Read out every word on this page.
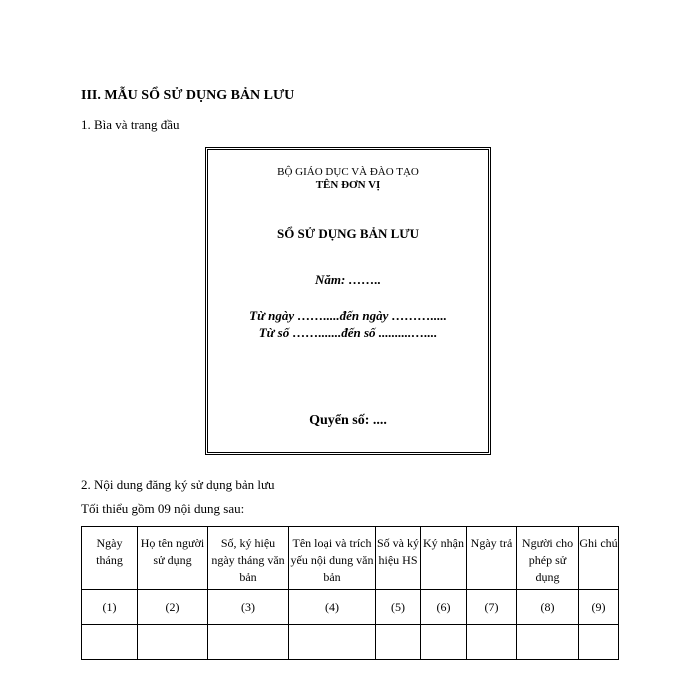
III. MẪU SỔ SỬ DỤNG BẢN LƯU
1. Bìa và trang đầu
BỘ GIÁO DỤC VÀ ĐÀO TẠO
TÊN ĐƠN VỊ
SỔ SỬ DỤNG BẢN LƯU
Năm: ……..
Từ ngày …….....đến ngày ……….....
Từ số …….......đến số ..........…....
Quyển số: ....
2. Nội dung đăng ký sử dụng bản lưu
Tối thiểu gồm 09 nội dung sau:
Ngày tháng	Họ tên người sử dụng	Số, ký hiệu ngày tháng văn bản	Tên loại và trích yếu nội dung văn bản	Số và ký hiệu HS	Ký nhận	Ngày trả	Người cho phép sử dụng	Ghi chú
(1)	(2)	(3)	(4)	(5)	(6)	(7)	(8)	(9)
